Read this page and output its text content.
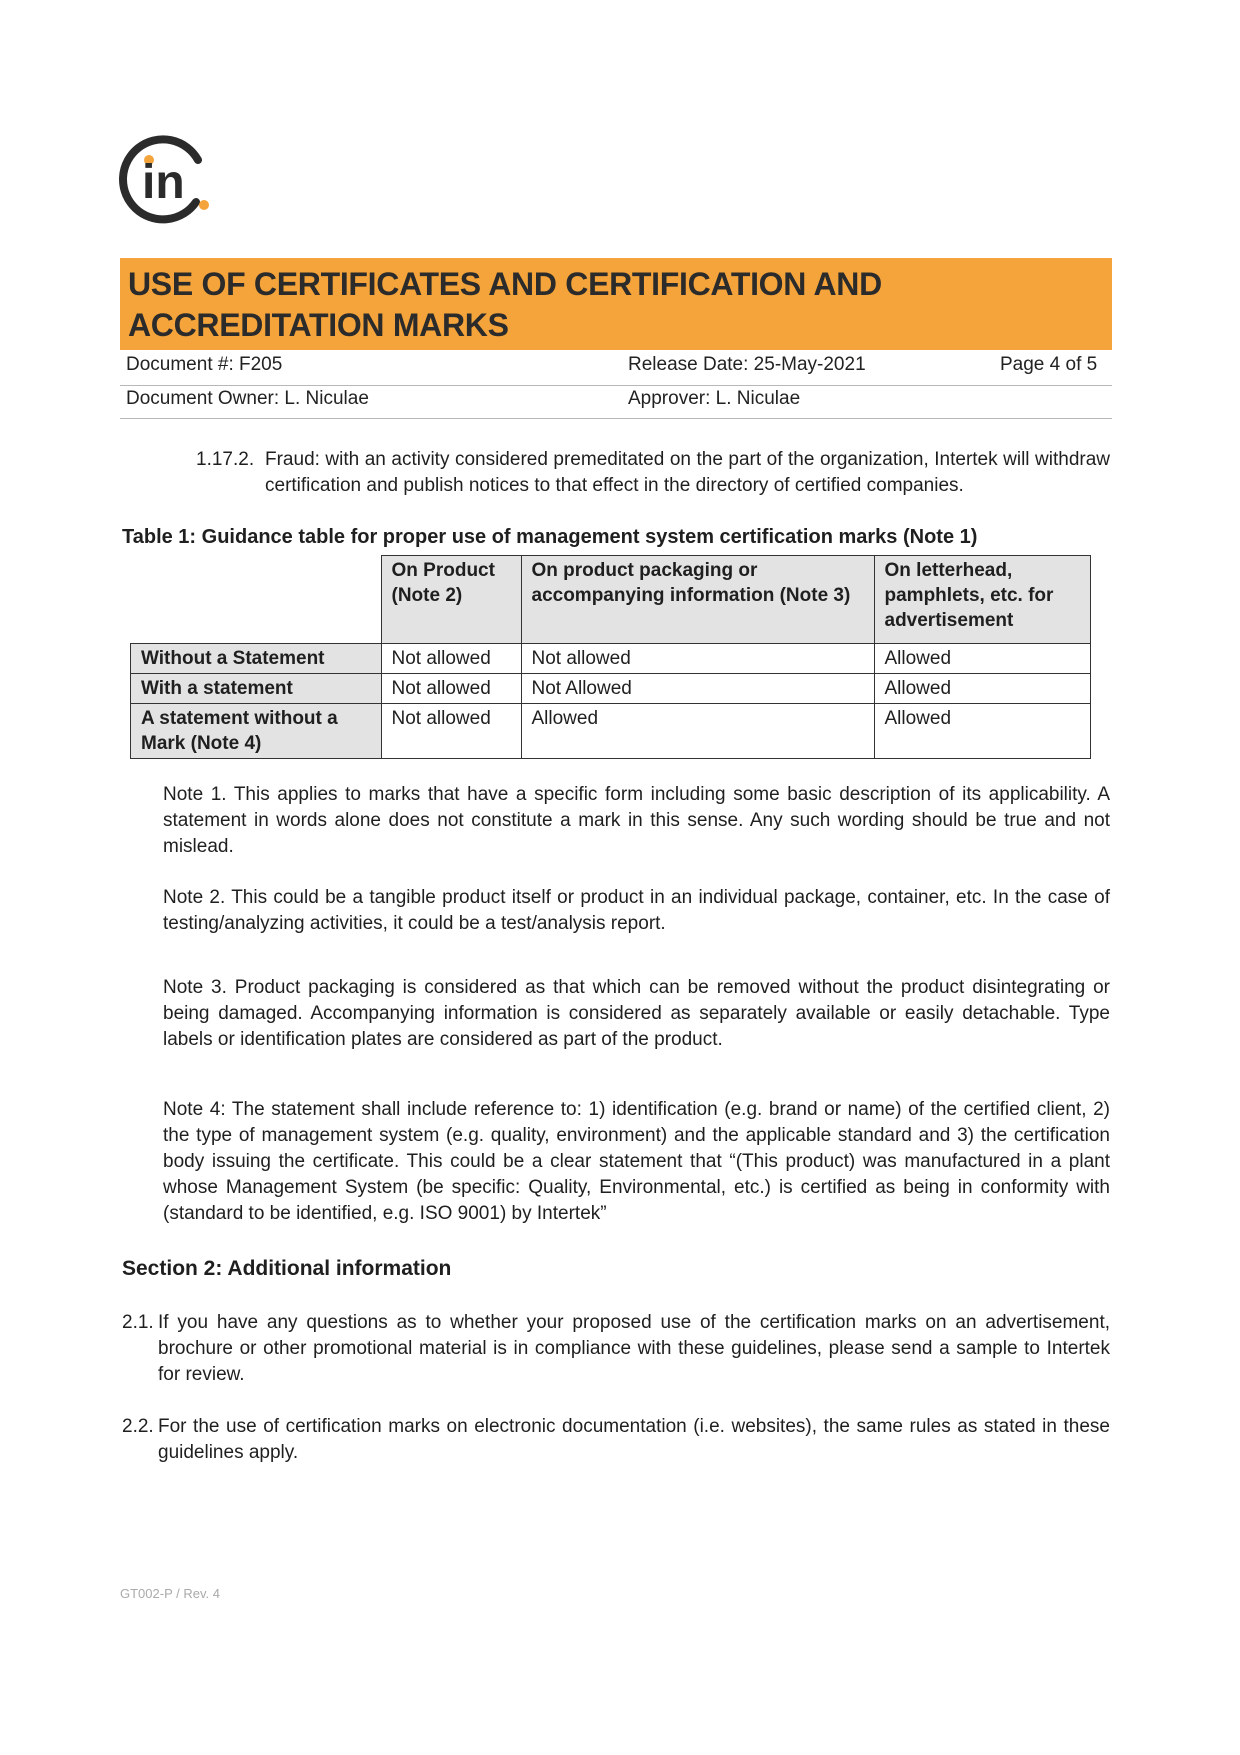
in
USE OF CERTIFICATES AND CERTIFICATION AND ACCREDITATION MARKS
Document #: F205	Release Date: 25-May-2021	Page 4 of 5
Document Owner: L. Niculae	Approver: L. Niculae
1.17.2. Fraud: with an activity considered premeditated on the part of the organization, Intertek will withdraw certification and publish notices to that effect in the directory of certified companies.

Table 1: Guidance table for proper use of management system certification marks (Note 1)

	On Product (Note 2)	On product packaging or accompanying information (Note 3)	On letterhead, pamphlets, etc. for advertisement
Without a Statement	Not allowed	Not allowed	Allowed
With a statement	Not allowed	Not Allowed	Allowed
A statement without a Mark (Note 4)	Not allowed	Allowed	Allowed

Note 1. This applies to marks that have a specific form including some basic description of its applicability. A statement in words alone does not constitute a mark in this sense. Any such wording should be true and not mislead.

Note 2. This could be a tangible product itself or product in an individual package, container, etc. In the case of testing/analyzing activities, it could be a test/analysis report.

Note 3. Product packaging is considered as that which can be removed without the product disintegrating or being damaged. Accompanying information is considered as separately available or easily detachable. Type labels or identification plates are considered as part of the product.

Note 4: The statement shall include reference to: 1) identification (e.g. brand or name) of the certified client, 2) the type of management system (e.g. quality, environment) and the applicable standard and 3) the certification body issuing the certificate. This could be a clear statement that “(This product) was manufactured in a plant whose Management System (be specific: Quality, Environmental, etc.) is certified as being in conformity with (standard to be identified, e.g. ISO 9001) by Intertek”

Section 2: Additional information

2.1. If you have any questions as to whether your proposed use of the certification marks on an advertisement, brochure or other promotional material is in compliance with these guidelines, please send a sample to Intertek for review.

2.2. For the use of certification marks on electronic documentation (i.e. websites), the same rules as stated in these guidelines apply.

GT002-P / Rev. 4
